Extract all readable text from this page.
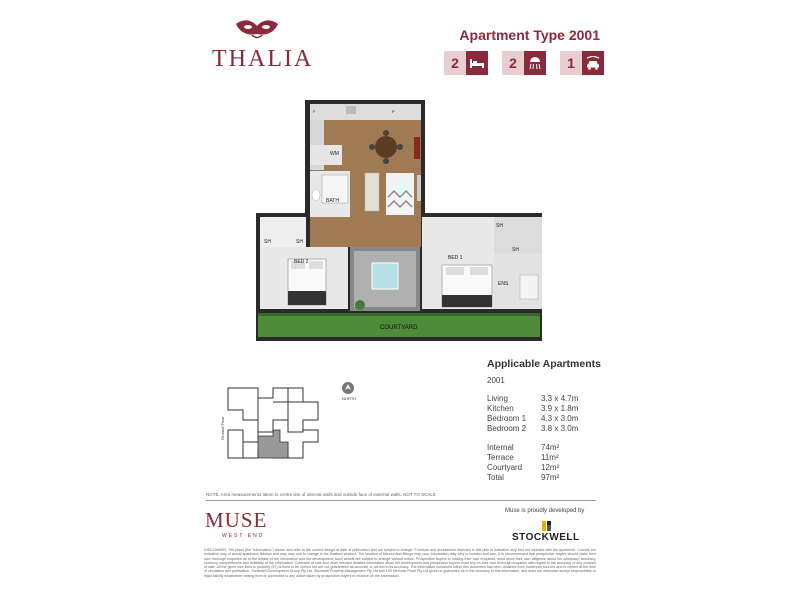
THALIA
Apartment Type 2001
2	2	1
WM
BATH
SH	SH
SH
SH
BED 2
BED 1
ENS
COURTYARD
F	P
NORTH
Ground Floor
Applicable Apartments
2001
Living	3.3 x 4.7m
Kitchen	3.9 x 1.8m
Bedroom 1	4.3 x 3.0m
Bedroom 2	3.8 x 3.0m
Internal	74m²
Terrace	11m²
Courtyard	12m²
Total	97m²
NOTE: Area measurements taken to centre line of internal walls and outside face of external walls. NOT TO SCALE
MUSE
WEST END
Muse is proudly developed by
STOCKWELL
DISCLAIMER: The plans (the "information") shown and refer to the current design at date of publication and are subject to change. Furniture and accessories depicted in this plan is indicative only and not included with the apartment. Colours are indicative only of actual apartment finishes and may vary due to change in the finalised product. The location of fixtures and fittings may vary. Information may vary in location and size. It is recommended that prospective buyers should make their own thorough enquiries as to the details of the information and the development; such details are subject to change without notice. Prospective buyers in making their own enquiries, must show their own diligence about the adequacy, accuracy, currency, completeness and reliability of the information. Contracts of sale and other relevant detailed information about the development and prospective buyers must rely on their own thorough enquiries with regard to the accuracy of any contract of sale. All the given size lines in property (57) is fixed to be correct but are not guaranteed as accurate or correct in its accuracy. The information contained within this document has been obtained from numerous sources and is correct at the time of circulation and publication. Stockwell Development Group Pty Ltd, Stockwell Property Management Pty Ltd and 109 Merivale Road Pty Ltd gives no guarantee as to the accuracy of this information, and does not otherwise accept responsibility or legal liability whatsoever arising from or connected to any action taken by prospective buyers in reliance on the information.
